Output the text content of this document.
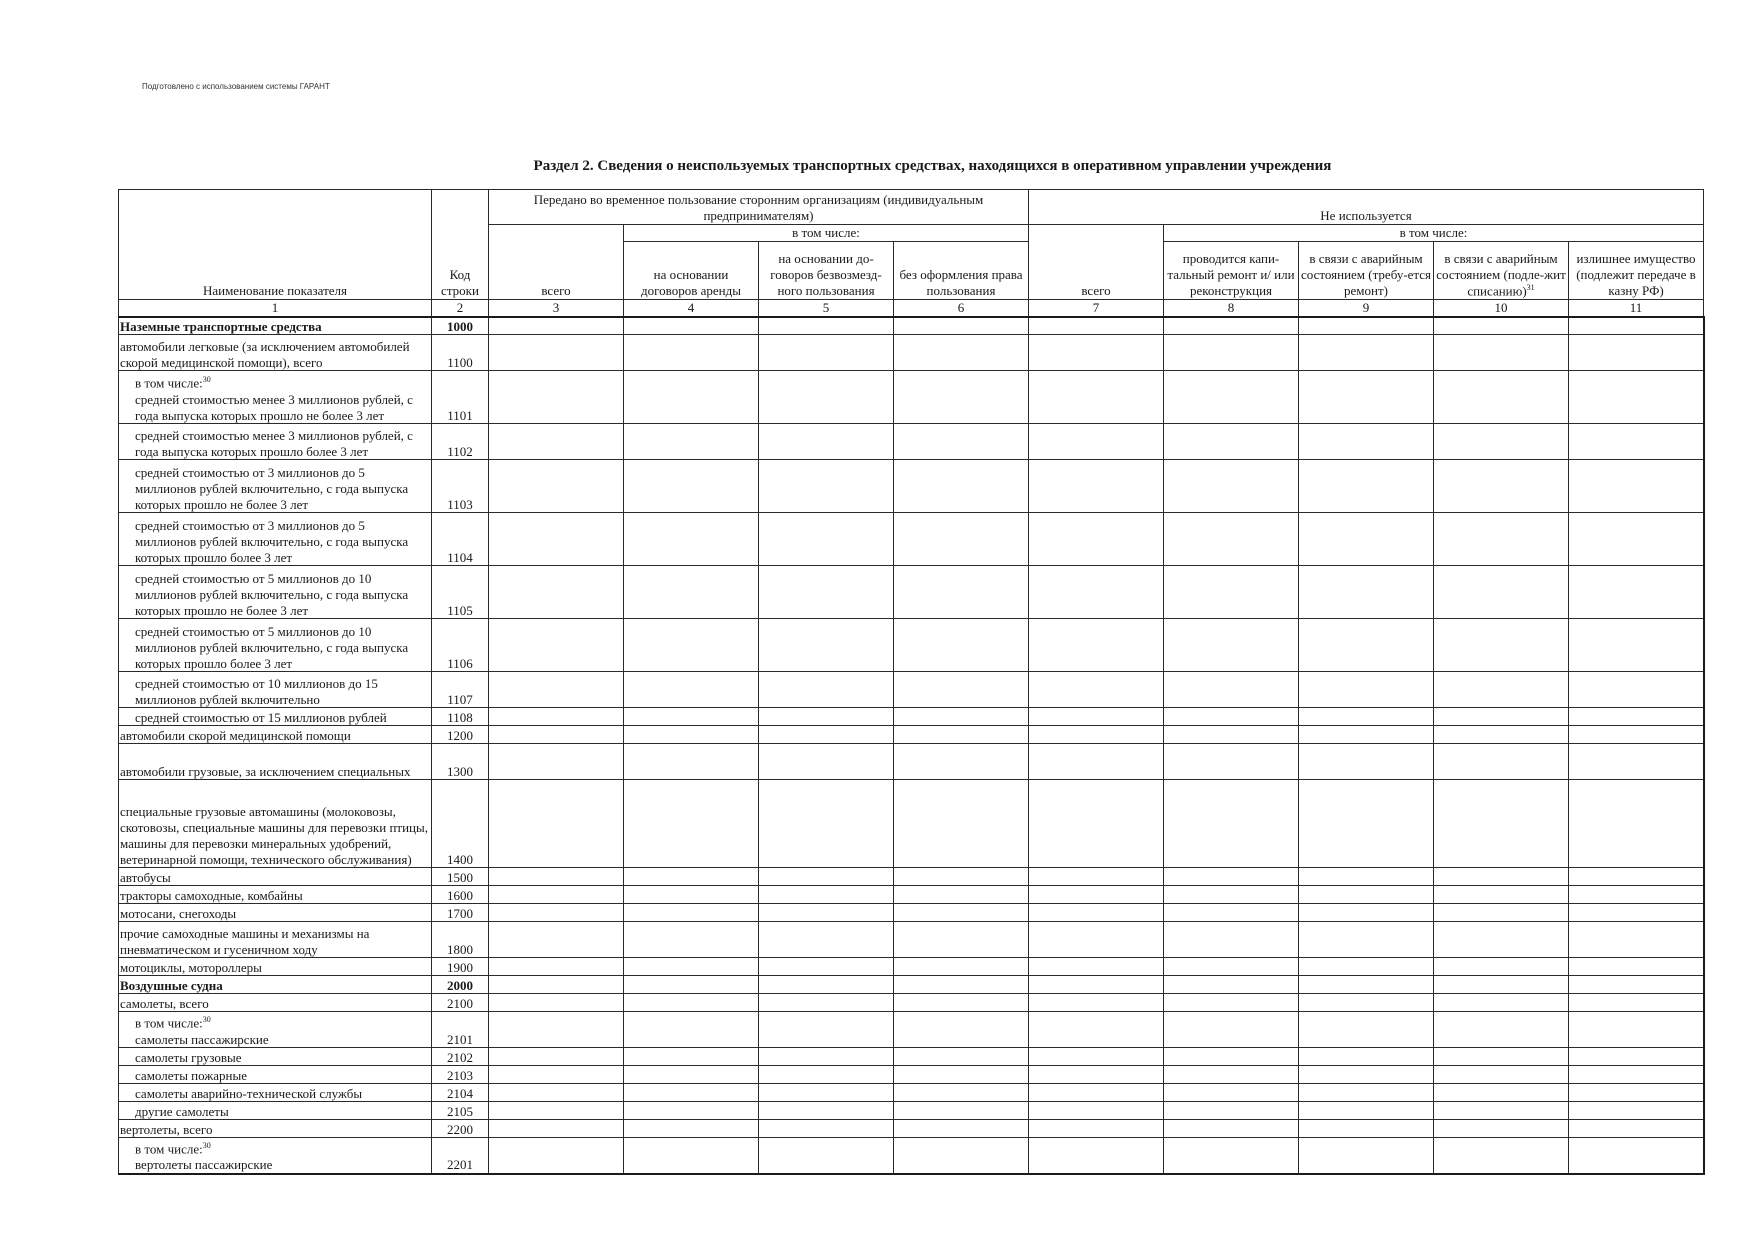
Подготовлено с использованием системы ГАРАНТ
Раздел 2. Сведения о неиспользуемых транспортных средствах, находящихся в оперативном управлении учреждения
Наименование показателя	Код строки	Передано во временное пользование сторонним организациям (индивидуальным предпринимателям)				Не используется				
		всего	в том числе:			всего	в том числе:			
			на основании договоров аренды	на основании до-говоров безвозмезд-ного пользования	без оформления права пользования		проводится капи-тальный ремонт и/ или реконструкция	в связи с аварийным состоянием (требу-ется ремонт)	в связи с аварийным состоянием (подле-жит списанию)$^{31}$	излишнее имущество (подлежит передаче в казну РФ)
1	2	3	4	5	6	7	8	9	10	11
Наземные транспортные средства	1000									
автомобили легковые (за исключением автомобилей скорой медицинской помощи), всего	1100									

в том числе:$^{30}$
средней стоимостью менее 3 миллионов рублей, с года выпуска которых прошло не более 3 лет	1101									
средней стоимостью менее 3 миллионов рублей, с года выпуска которых прошло более 3 лет	1102									
средней стоимостью от 3 миллионов до 5 миллионов рублей включительно, с года выпуска которых прошло не более 3 лет	1103									
средней стоимостью от 3 миллионов до 5 миллионов рублей включительно, с года выпуска которых прошло более 3 лет	1104									
средней стоимостью от 5 миллионов до 10 миллионов рублей включительно, с года выпуска которых прошло не более 3 лет	1105									
средней стоимостью от 5 миллионов до 10 миллионов рублей включительно, с года выпуска которых прошло более 3 лет	1106									
средней стоимостью от 10 миллионов до 15 миллионов рублей включительно	1107									
средней стоимостью от 15 миллионов рублей	1108									
автомобили скорой медицинской помощи	1200									
автомобили грузовые, за исключением специальных	1300									
специальные грузовые автомашины (молоковозы, скотовозы, специальные машины для перевозки птицы, машины для перевозки минеральных удобрений, ветеринарной помощи, технического обслуживания)	1400									
автобусы	1500									
тракторы самоходные, комбайны	1600									
мотосани, снегоходы	1700									
прочие самоходные машины и механизмы на пневматическом и гусеничном ходу	1800									
мотоциклы, мотороллеры	1900									
Воздушные судна	2000									
самолеты, всего	2100									

в том числе:$^{30}$
самолеты пассажирские	2101									
самолеты грузовые	2102									
самолеты пожарные	2103									
самолеты аварийно-технической службы	2104									
другие самолеты	2105									
вертолеты, всего	2200									

в том числе:$^{30}$
вертолеты пассажирские	2201									
